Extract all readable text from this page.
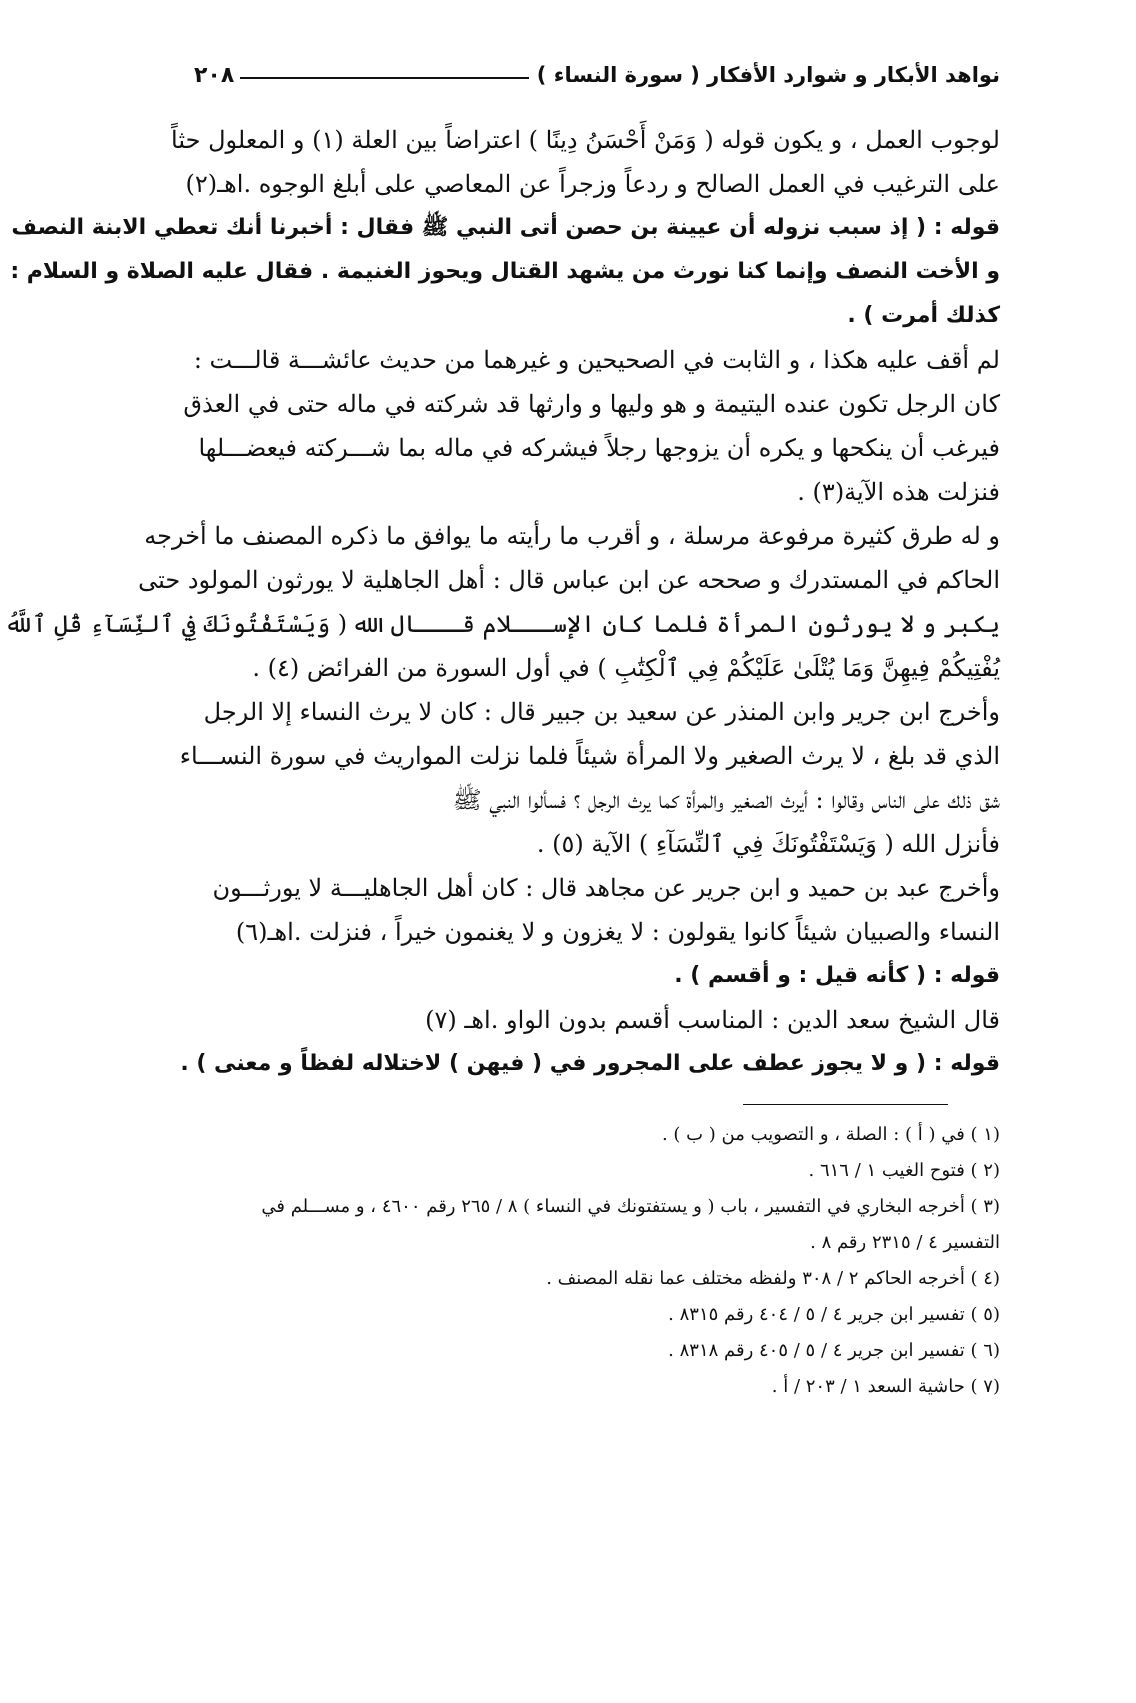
نواهد الأبكار و شوارد الأفكار ( سورة النساء )
٢٠٨
لوجوب العمل ، و يكون قوله ( وَمَنْ أَحْسَنُ دِينًا ) اعتراضاً بين العلة (١) و المعلول حثاً
على الترغيب في العمل الصالح و ردعاً وزجراً عن المعاصي على أبلغ الوجوه .اهـ(٢)
قوله : ( إذ سبب نزوله أن عيينة بن حصن أتى النبي ﷺ فقال : أخبرنا أنك تعطي الابنة النصف
و الأخت النصف وإنما كنا نورث من يشهد القتال ويحوز الغنيمة . فقال عليه الصلاة و السلام :
كذلك أمرت ) .
لم أقف عليه هكذا ، و الثابت في الصحيحين و غيرهما من حديث عائشـــة قالـــت :
كان الرجل تكون عنده اليتيمة و هو وليها و وارثها قد شركته في ماله حتى في العذق
فيرغب أن ينكحها و يكره أن يزوجها رجلاً فيشركه في ماله بما شـــركته فيعضـــلها
فنزلت هذه الآية(٣) .
و له طرق كثيرة مرفوعة مرسلة ، و أقرب ما رأيته ما يوافق ما ذكره المصنف ما أخرجه
الحاكم في المستدرك و صححه عن ابن عباس قال : أهل الجاهلية لا يورثون المولود حتى
يكبر و لا يورثون المرأة فلما كان الإســـلام قـــال الله ( وَيَسْتَفْتُونَكَ فِي ٱلنِّسَآءِ قُلِ ٱللَّهُ
يُفْتِيكُمْ فِيهِنَّ وَمَا يُتْلَىٰ عَلَيْكُمْ فِي ٱلْكِتَٰبِ ) في أول السورة من الفرائض (٤) .
وأخرج ابن جرير وابن المنذر عن سعيد بن جبير قال : كان لا يرث النساء إلا الرجل
الذي قد بلغ ، لا يرث الصغير ولا المرأة شيئاً فلما نزلت المواريث في سورة النســـاء
شق ذلك على الناس وقالوا : أيرث الصغير والمرأة كما يرث الرجل ؟ فسألوا النبي ﷺ
فأنزل الله ( وَيَسْتَفْتُونَكَ فِي ٱلنِّسَآءِ ) الآية (٥) .
وأخرج عبد بن حميد و ابن جرير عن مجاهد قال : كان أهل الجاهليـــة لا يورثـــون
النساء والصبيان شيئاً كانوا يقولون : لا يغزون و لا يغنمون خيراً ، فنزلت .اهـ(٦)
قوله : ( كأنه قيل : و أقسم ) .
قال الشيخ سعد الدين : المناسب أقسم بدون الواو .اهـ (٧)
قوله : ( و لا يجوز عطف على المجرور في ( فيهن ) لاختلاله لفظاً و معنى ) .
(١ ) في ( أ ) : الصلة ، و التصويب من ( ب ) .
(٢ ) فتوح الغيب ١ / ٦١٦ .
(٣ ) أخرجه البخاري في التفسير ، باب ( و يستفتونك في النساء ) ٨ / ٢٦٥ رقم ٤٦٠٠ ، و مســـلم في
التفسير ٤ / ٢٣١٥ رقم ٨ .
(٤ ) أخرجه الحاكم ٢ / ٣٠٨ ولفظه مختلف عما نقله المصنف .
(٥ ) تفسير ابن جرير ٤ / ٥ / ٤٠٤ رقم ٨٣١٥ .
(٦ ) تفسير ابن جرير ٤ / ٥ / ٤٠٥ رقم ٨٣١٨ .
(٧ ) حاشية السعد ١ / ٢٠٣ / أ .
